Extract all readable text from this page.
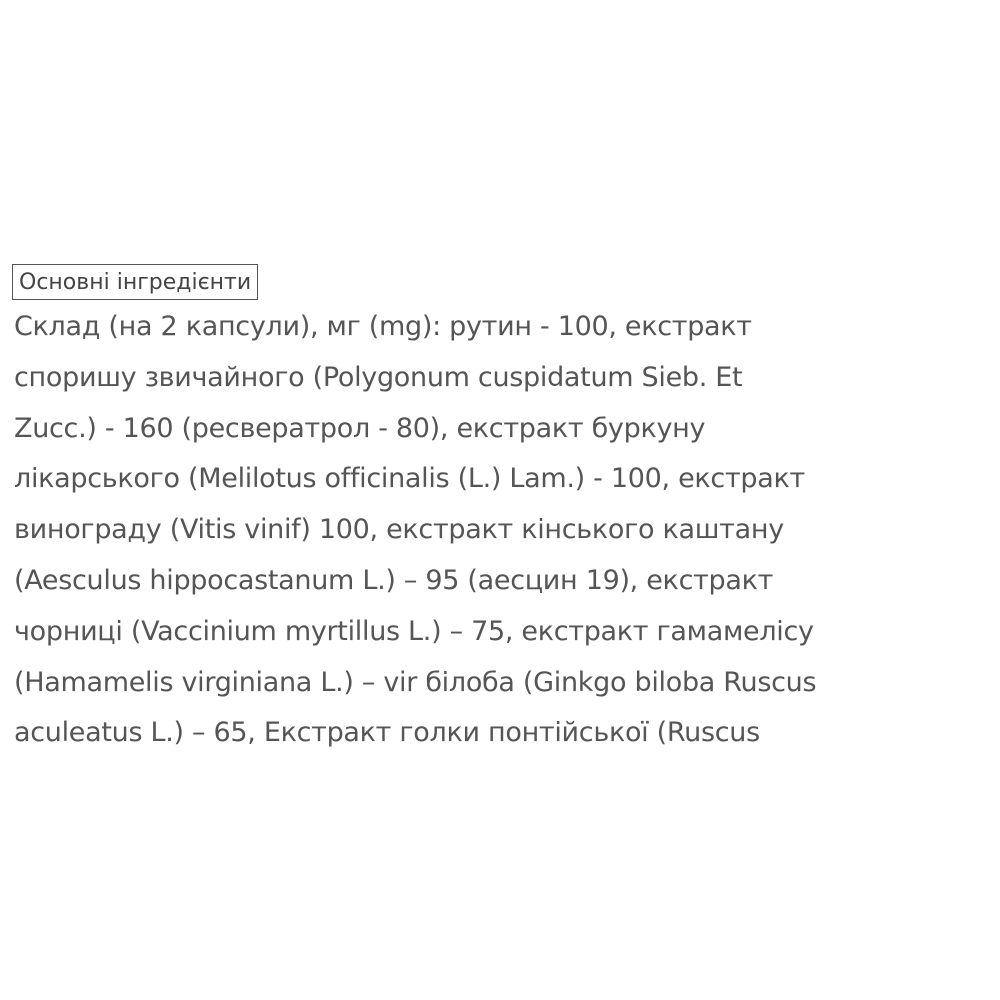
Основні інгредієнти
Склад (на 2 капсули), мг (mg): рутин - 100, екстракт
споришу звичайного (Polygonum cuspidatum Sieb. Et
Zucc.) - 160 (ресвератрол - 80), екстракт буркуну
лікарського (Melilotus officinalis (L.) Lam.) - 100, екстракт
винограду (Vitis vinif) 100, екстракт кінського каштану
(Aesculus hippocastanum L.) – 95 (аесцин 19), екстракт
чорниці (Vaccinium myrtillus L.) – 75, екстракт гамамелісу
(Hamamelis virginiana L.) – vir білоба (Ginkgo biloba Ruscus
aculeatus L.) – 65, Екстракт голки понтійської (Ruscus
